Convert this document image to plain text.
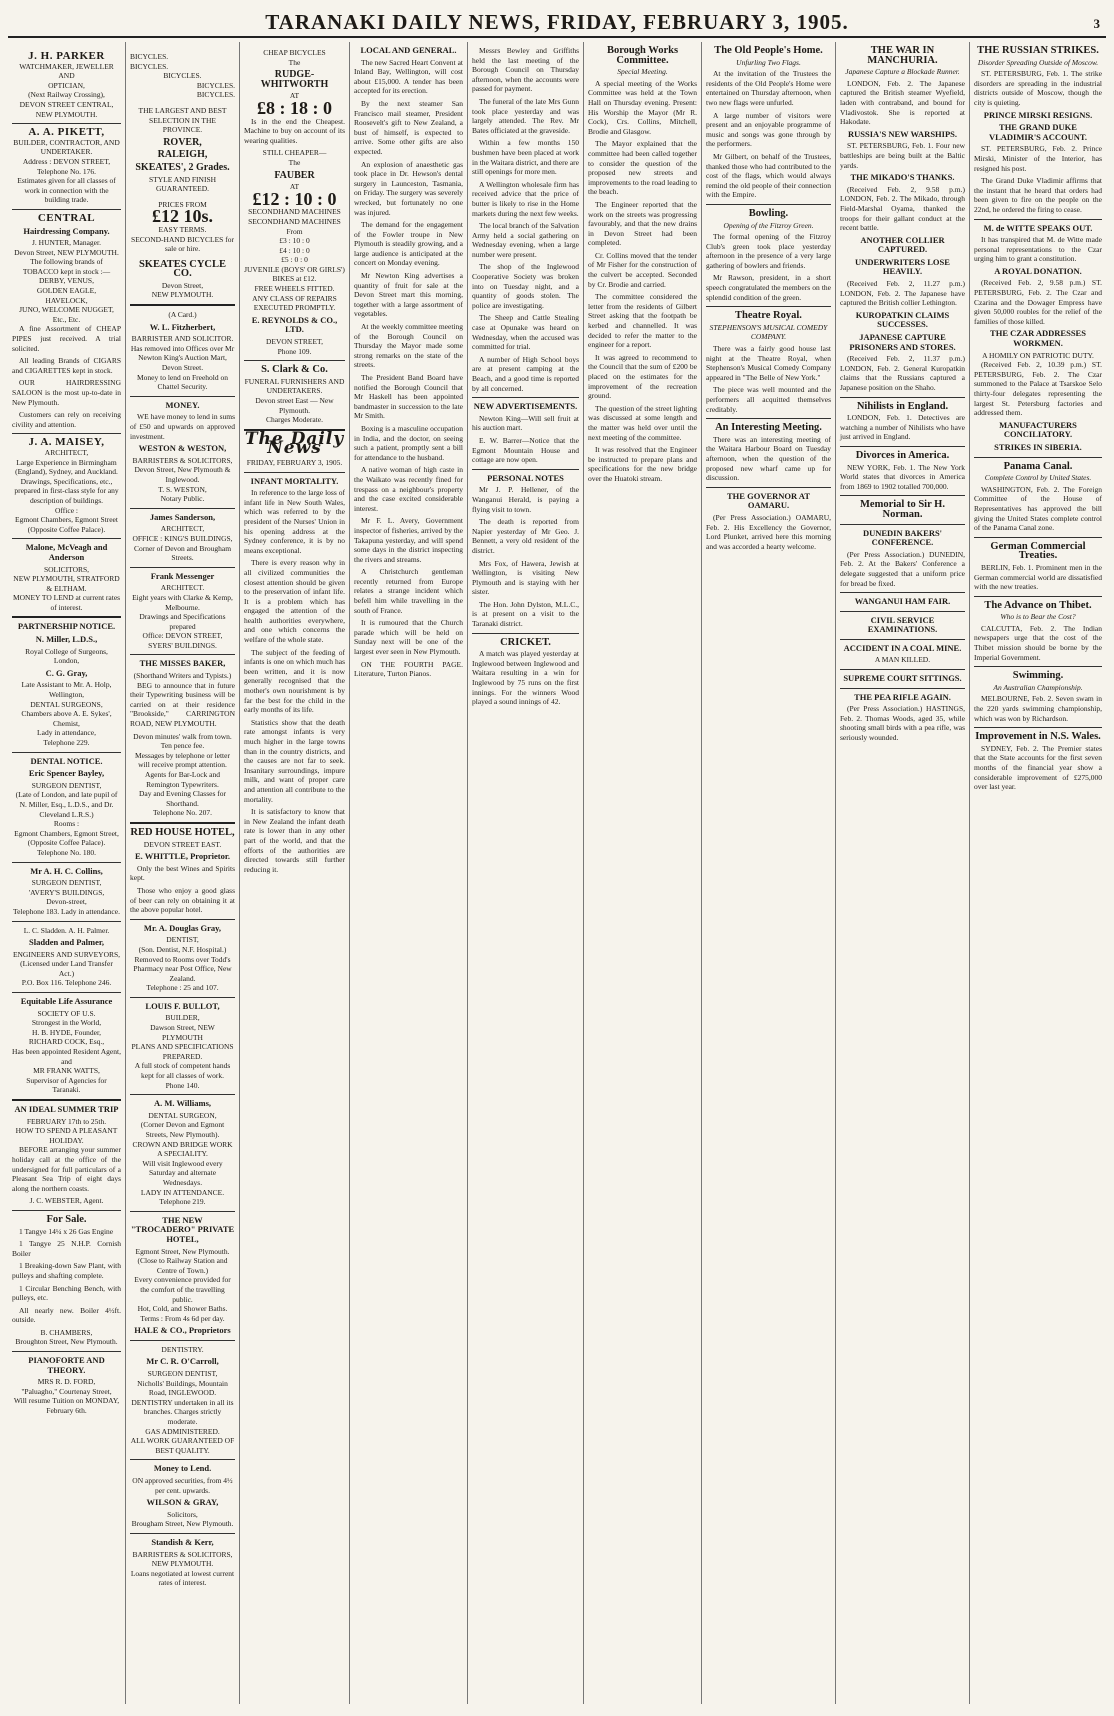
TARANAKI DAILY NEWS, FRIDAY, FEBRUARY 3, 1905.	3
J. H. PARKER
WATCHMAKER, JEWELLER AND
OPTICIAN,
(Next Railway Crossing),
DEVON STREET CENTRAL,
NEW PLYMOUTH.
A. A. PIKETT,
BUILDER, CONTRACTOR, AND UNDERTAKER.
Address : DEVON STREET,
Telephone No. 176.
Estimates given for all classes of work in connection with the building trade.
CENTRAL
Hairdressing Company.
J. HUNTER, Manager.
Devon Street, NEW PLYMOUTH.
The following brands of TOBACCO kept in stock :—
DERBY, VENUS,
GOLDEN EAGLE,
HAVELOCK,
JUNO, WELCOME NUGGET,
Etc., Etc.

A fine Assortment of CHEAP PIPES just received. A trial solicited.

All leading Brands of CIGARS and CIGARETTES kept in stock.

OUR HAIRDRESSING SALOON is the most up-to-date in New Plymouth.

Customers can rely on receiving civility and attention.

J. A. MAISEY,
ARCHITECT,
Large Experience in Birmingham (England), Sydney, and Auckland.
Drawings, Specifications, etc., prepared in first-class style for any description of buildings.
Office :
Egmont Chambers, Egmont Street (Opposite Coffee Palace).
Malone, McVeagh and Anderson
SOLICITORS,
NEW PLYMOUTH, STRATFORD & ELTHAM.
MONEY TO LEND at current rates of interest.
PARTNERSHIP NOTICE.
N. Miller, L.D.S.,
Royal College of Surgeons, London,
C. G. Gray,
Late Assistant to Mr. A. Holp, Wellington,
DENTAL SURGEONS,
Chambers above A. E. Sykes', Chemist,
Lady in attendance,
Telephone 229.
DENTAL NOTICE.
Eric Spencer Bayley,
SURGEON DENTIST,
(Late of London, and late pupil of N. Miller, Esq., L.D.S., and Dr. Cleveland L.R.S.)
Rooms :
Egmont Chambers, Egmont Street, (Opposite Coffee Palace).
Telephone No. 180.
Mr A. H. C. Collins,
SURGEON DENTIST,
'AVERY'S BUILDINGS,
Devon-street,
Telephone 183. Lady in attendance.
L. C. Sladden. A. H. Palmer.
Sladden and Palmer,
ENGINEERS AND SURVEYORS,
(Licensed under Land Transfer Act.)
P.O. Box 116. Telephone 246.
Equitable Life Assurance
SOCIETY OF U.S.
Strongest in the World,
H. B. HYDE, Founder,
RICHARD COCK, Esq.,
Has been appointed Resident Agent, and
MR FRANK WATTS,
Supervisor of Agencies for Taranaki.
AN IDEAL SUMMER TRIP
FEBRUARY 17th to 25th.
HOW TO SPEND A PLEASANT HOLIDAY.

BEFORE arranging your summer holiday call at the office of the undersigned for full particulars of a Pleasant Sea Trip of eight days along the northern coasts.

J. C. WEBSTER, Agent.
For Sale.

1 Tangye 14¼ x 26 Gas Engine

1 Tangye 25 N.H.P. Cornish Boiler

1 Breaking-down Saw Plant, with pulleys and shafting complete.

1 Circular Benching Bench, with pulleys, etc.

All nearly new. Boiler 4½ft. outside.

B. CHAMBERS,
Broughton Street, New Plymouth.
PIANOFORTE AND THEORY.
MRS R. D. FORD,
"Paluagho," Courtenay Street,
Will resume Tuition on MONDAY, February 6th.
BICYCLES.
BICYCLES.
BICYCLES.
BICYCLES.
BICYCLES.
THE LARGEST AND BEST SELECTION IN THE PROVINCE.
ROVER,
RALEIGH,
SKEATES', 2 Grades.
STYLE AND FINISH GUARANTEED.
PRICES FROM
£12 10s.
EASY TERMS.
SECOND-HAND BICYCLES for sale or hire.
SKEATES CYCLE CO.
Devon Street,
NEW PLYMOUTH.
(A Card.)
W. L. Fitzherbert,
BARRISTER AND SOLICITOR.
Has removed into Offices over Mr Newton King's Auction Mart, Devon Street.
Money to lend on Freehold on Chattel Security.
MONEY.

WE have money to lend in sums of £50 and upwards on approved investment.

WESTON & WESTON,
BARRISTERS & SOLICITORS,
Devon Street, New Plymouth & Inglewood.
T. S. WESTON,
Notary Public.
James Sanderson,
ARCHITECT,
OFFICE : KING'S BUILDINGS,
Corner of Devon and Brougham Streets.
Frank Messenger
ARCHITECT.
Eight years with Clarke & Kemp, Melbourne.
Drawings and Specifications prepared
Office: DEVON STREET, SYERS' BUILDINGS.
THE MISSES BAKER,
(Shorthand Writers and Typists.)

BEG to announce that in future their Typewriting business will be carried on at their residence "Brookside," CARRINGTON ROAD, NEW PLYMOUTH.

Devon minutes' walk from town.
Ten pence fee.
Messages by telephone or letter will receive prompt attention.
Agents for Bar-Lock and Remington Typewriters.
Day and Evening Classes for Shorthand.
Telephone No. 207.
RED HOUSE HOTEL,
DEVON STREET EAST.
E. WHITTLE, Proprietor.

Only the best Wines and Spirits kept.

Those who enjoy a good glass of beer can rely on obtaining it at the above popular hotel.

Mr. A. Douglas Gray,
DENTIST,
(Son. Dentist, N.F. Hospital.)
Removed to Rooms over Todd's Pharmacy near Post Office, New Zealand.
Telephone : 25 and 107.
LOUIS F. BULLOT,
BUILDER,
Dawson Street, NEW PLYMOUTH
PLANS AND SPECIFICATIONS PREPARED.
A full stock of competent hands kept for all classes of work.
Phone 140.
A. M. Williams,
DENTAL SURGEON,
(Corner Devon and Egmont Streets, New Plymouth).
CROWN AND BRIDGE WORK A SPECIALITY.
Will visit Inglewood every Saturday and alternate Wednesdays.
LADY IN ATTENDANCE.
Telephone 219.
THE NEW "TROCADERO" PRIVATE HOTEL,
Egmont Street, New Plymouth.
(Close to Railway Station and Centre of Town.)
Every convenience provided for the comfort of the travelling public.
Hot, Cold, and Shower Baths.
Terms : From 4s 6d per day.
HALE & CO., Proprietors
DENTISTRY.
Mr C. R. O'Carroll,
SURGEON DENTIST,
Nicholls' Buildings, Mountain Road, INGLEWOOD.
DENTISTRY undertaken in all its branches. Charges strictly moderate.
GAS ADMINISTERED.
ALL WORK GUARANTEED OF BEST QUALITY.
Money to Lend.
ON approved securities, from 4½ per cent. upwards.
WILSON & GRAY,
Solicitors,
Brougham Street, New Plymouth.
Standish & Kerr,
BARRISTERS & SOLICITORS,
NEW PLYMOUTH.
Loans negotiated at lowest current rates of interest.
CHEAP BICYCLES
The
RUDGE-WHITWORTH
AT
£8 : 18 : 0

Is in the end the Cheapest. Machine to buy on account of its wearing qualities.

STILL CHEAPER—
The
FAUBER
AT
£12 : 10 : 0
SECONDHAND MACHINES SECONDHAND MACHINES
From
£3 : 10 : 0
£4 : 10 : 0
£5 : 0 : 0
JUVENILE (BOYS' OR GIRLS') BIKES at £12.
FREE WHEELS FITTED.
ANY CLASS OF REPAIRS EXECUTED PROMPTLY.
E. REYNOLDS & CO., LTD.
DEVON STREET,
Phone 109.
S. Clark & Co.
FUNERAL FURNISHERS AND UNDERTAKERS.
Devon street East — New Plymouth.
Charges Moderate.
The Daily News
FRIDAY, FEBRUARY 3, 1905.
INFANT MORTALITY.

In reference to the large loss of infant life in New South Wales, which was referred to by the president of the Nurses' Union in his opening address at the Sydney conference, it is by no means exceptional.

There is every reason why in all civilized communities the closest attention should be given to the preservation of infant life. It is a problem which has engaged the attention of the health authorities everywhere, and one which concerns the welfare of the whole state.

The subject of the feeding of infants is one on which much has been written, and it is now generally recognised that the mother's own nourishment is by far the best for the child in the early months of its life.

Statistics show that the death rate amongst infants is very much higher in the large towns than in the country districts, and the causes are not far to seek. Insanitary surroundings, impure milk, and want of proper care and attention all contribute to the mortality.

It is satisfactory to know that in New Zealand the infant death rate is lower than in any other part of the world, and that the efforts of the authorities are directed towards still further reducing it.

LOCAL AND GENERAL.

The new Sacred Heart Convent at Inland Bay, Wellington, will cost about £15,000. A tender has been accepted for its erection.

By the next steamer San Francisco mail steamer, President Roosevelt's gift to New Zealand, a bust of himself, is expected to arrive. Some other gifts are also expected.

An explosion of anaesthetic gas took place in Dr. Hewson's dental surgery in Launceston, Tasmania, on Friday. The surgery was severely wrecked, but fortunately no one was injured.

The demand for the engagement of the Fowler troupe in New Plymouth is steadily growing, and a large audience is anticipated at the concert on Monday evening.

Mr Newton King advertises a quantity of fruit for sale at the Devon Street mart this morning, together with a large assortment of vegetables.

At the weekly committee meeting of the Borough Council on Thursday the Mayor made some strong remarks on the state of the streets.

The President Band Board have notified the Borough Council that Mr Haskell has been appointed bandmaster in succession to the late Mr Smith.

Boxing is a masculine occupation in India, and the doctor, on seeing such a patient, promptly sent a bill for attendance to the husband.

A native woman of high caste in the Waikato was recently fined for trespass on a neighbour's property and the case excited considerable interest.

Mr F. L. Avery, Government inspector of fisheries, arrived by the Takapuna yesterday, and will spend some days in the district inspecting the rivers and streams.

A Christchurch gentleman recently returned from Europe relates a strange incident which befell him while travelling in the south of France.

It is rumoured that the Church parade which will be held on Sunday next will be one of the largest ever seen in New Plymouth.

ON THE FOURTH PAGE. Literature, Turton Pianos.

Messrs Bewley and Griffiths held the last meeting of the Borough Council on Thursday afternoon, when the accounts were passed for payment.

The funeral of the late Mrs Gunn took place yesterday and was largely attended. The Rev. Mr Bates officiated at the graveside.

Within a few months 150 bushmen have been placed at work in the Waitara district, and there are still openings for more men.

A Wellington wholesale firm has received advice that the price of butter is likely to rise in the Home markets during the next few weeks.

The local branch of the Salvation Army held a social gathering on Wednesday evening, when a large number were present.

The shop of the Inglewood Cooperative Society was broken into on Tuesday night, and a quantity of goods stolen. The police are investigating.

The Sheep and Cattle Stealing case at Opunake was heard on Wednesday, when the accused was committed for trial.

A number of High School boys are at present camping at the Beach, and a good time is reported by all concerned.

NEW ADVERTISEMENTS.

Newton King—Will sell fruit at his auction mart.

E. W. Barrer—Notice that the Egmont Mountain House and cottage are now open.

PERSONAL NOTES

Mr J. P. Hellener, of the Wanganui Herald, is paying a flying visit to town.

The death is reported from Napier yesterday of Mr Geo. J. Bennett, a very old resident of the district.

Mrs Fox, of Hawera, Jewish at Wellington, is visiting New Plymouth and is staying with her sister.

The Hon. John Dylston, M.L.C., is at present on a visit to the Taranaki district.

CRICKET.

A match was played yesterday at Inglewood between Inglewood and Waitara resulting in a win for Inglewood by 75 runs on the first innings. For the winners Wood played a sound innings of 42.

Borough Works Committee.
Special Meeting.

A special meeting of the Works Committee was held at the Town Hall on Thursday evening. Present: His Worship the Mayor (Mr R. Cock), Crs. Collins, Mitchell, Brodie and Glasgow.

The Mayor explained that the committee had been called together to consider the question of the proposed new streets and improvements to the road leading to the beach.

The Engineer reported that the work on the streets was progressing favourably, and that the new drains in Devon Street had been completed.

Cr. Collins moved that the tender of Mr Fisher for the construction of the culvert be accepted. Seconded by Cr. Brodie and carried.

The committee considered the letter from the residents of Gilbert Street asking that the footpath be kerbed and channelled. It was decided to refer the matter to the engineer for a report.

It was agreed to recommend to the Council that the sum of £200 be placed on the estimates for the improvement of the recreation ground.

The question of the street lighting was discussed at some length and the matter was held over until the next meeting of the committee.

It was resolved that the Engineer be instructed to prepare plans and specifications for the new bridge over the Huatoki stream.

The Old People's Home.
Unfurling Two Flags.

At the invitation of the Trustees the residents of the Old People's Home were entertained on Thursday afternoon, when two new flags were unfurled.

A large number of visitors were present and an enjoyable programme of music and songs was gone through by the performers.

Mr Gilbert, on behalf of the Trustees, thanked those who had contributed to the cost of the flags, which would always remind the old people of their connection with the Empire.

Bowling.
Opening of the Fitzroy Green.

The formal opening of the Fitzroy Club's green took place yesterday afternoon in the presence of a very large gathering of bowlers and friends.

Mr Rawson, president, in a short speech congratulated the members on the splendid condition of the green.

Theatre Royal.
STEPHENSON'S MUSICAL COMEDY COMPANY.

There was a fairly good house last night at the Theatre Royal, when Stephenson's Musical Comedy Company appeared in "The Belle of New York."

The piece was well mounted and the performers all acquitted themselves creditably.

An Interesting Meeting.

There was an interesting meeting of the Waitara Harbour Board on Tuesday afternoon, when the question of the proposed new wharf came up for discussion.

THE GOVERNOR AT OAMARU.

(Per Press Association.) OAMARU, Feb. 2. His Excellency the Governor, Lord Plunket, arrived here this morning and was accorded a hearty welcome.

THE WAR IN MANCHURIA.
Japanese Capture a Blockade Runner.

LONDON, Feb. 2. The Japanese captured the British steamer Wyefield, laden with contraband, and bound for Vladivostok. She is reported at Hakodate.

RUSSIA'S NEW WARSHIPS.

ST. PETERSBURG, Feb. 1. Four new battleships are being built at the Baltic yards.

THE MIKADO'S THANKS.

(Received Feb. 2, 9.58 p.m.) LONDON, Feb. 2. The Mikado, through Field-Marshal Oyama, thanked the troops for their gallant conduct at the recent battle.

ANOTHER COLLIER CAPTURED.
UNDERWRITERS LOSE HEAVILY.

(Received Feb. 2, 11.27 p.m.) LONDON, Feb. 2. The Japanese have captured the British collier Lethington.

KUROPATKIN CLAIMS SUCCESSES.
JAPANESE CAPTURE PRISONERS AND STORES.

(Received Feb. 2, 11.37 p.m.) LONDON, Feb. 2. General Kuropatkin claims that the Russians captured a Japanese position on the Shaho.

Nihilists in England.

LONDON, Feb. 1. Detectives are watching a number of Nihilists who have just arrived in England.

Divorces in America.

NEW YORK, Feb. 1. The New York World states that divorces in America from 1869 to 1902 totalled 700,000.

Memorial to Sir H. Norman.
DUNEDIN BAKERS' CONFERENCE.

(Per Press Association.) DUNEDIN, Feb. 2. At the Bakers' Conference a delegate suggested that a uniform price for bread be fixed.

WANGANUI HAM FAIR.
CIVIL SERVICE EXAMINATIONS.
ACCIDENT IN A COAL MINE.
A MAN KILLED.
SUPREME COURT SITTINGS.
THE PEA RIFLE AGAIN.

(Per Press Association.) HASTINGS, Feb. 2. Thomas Woods, aged 35, while shooting small birds with a pea rifle, was seriously wounded.

THE RUSSIAN STRIKES.
Disorder Spreading Outside of Moscow.

ST. PETERSBURG, Feb. 1. The strike disorders are spreading in the industrial districts outside of Moscow, though the city is quieting.

PRINCE MIRSKI RESIGNS.
THE GRAND DUKE VLADIMIR'S ACCOUNT.

ST. PETERSBURG, Feb. 2. Prince Mirski, Minister of the Interior, has resigned his post.

The Grand Duke Vladimir affirms that the instant that he heard that orders had been given to fire on the people on the 22nd, he ordered the firing to cease.

M. de WITTE SPEAKS OUT.

It has transpired that M. de Witte made personal representations to the Czar urging him to grant a constitution.

A ROYAL DONATION.

(Received Feb. 2, 9.58 p.m.) ST. PETERSBURG, Feb. 2. The Czar and Czarina and the Dowager Empress have given 50,000 roubles for the relief of the families of those killed.

THE CZAR ADDRESSES WORKMEN.
A HOMILY ON PATRIOTIC DUTY.

(Received Feb. 2, 10.39 p.m.) ST. PETERSBURG, Feb. 2. The Czar summoned to the Palace at Tsarskoe Selo thirty-four delegates representing the largest St. Petersburg factories and addressed them.

MANUFACTURERS CONCILIATORY.
STRIKES IN SIBERIA.
Panama Canal.
Complete Control by United States.

WASHINGTON, Feb. 2. The Foreign Committee of the House of Representatives has approved the bill giving the United States complete control of the Panama Canal zone.

German Commercial Treaties.

BERLIN, Feb. 1. Prominent men in the German commercial world are dissatisfied with the new treaties.

The Advance on Thibet.
Who is to Bear the Cost?

CALCUTTA, Feb. 2. The Indian newspapers urge that the cost of the Thibet mission should be borne by the Imperial Government.

Swimming.
An Australian Championship.

MELBOURNE, Feb. 2. Seven swam in the 220 yards swimming championship, which was won by Richardson.

Improvement in N.S. Wales.

SYDNEY, Feb. 2. The Premier states that the State accounts for the first seven months of the financial year show a considerable improvement of £275,000 over last year.
